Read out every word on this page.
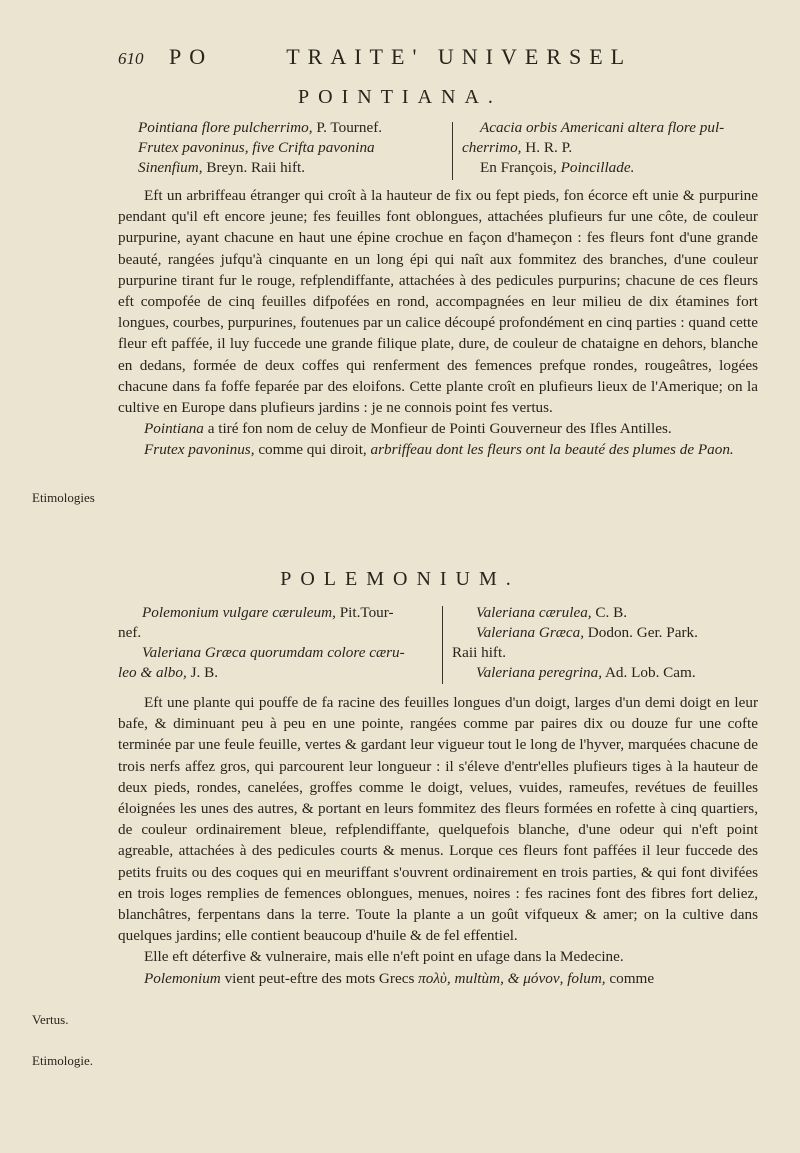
610 PO	TRAITE' UNIVERSEL
POINTIANA.
Pointiana flore pulcherrimo, P. Tournef.
Frutex pavoninus, five Crifta pavonina
Sinenfium, Breyn. Raii hift.
Acacia orbis Americani altera flore pul-
cherrimo, H. R. P.
En François, Poincillade.

Eft un arbriffeau étranger qui croît à la hauteur de fix ou fept pieds, fon écorce eft unie & purpurine pendant qu'il eft encore jeune; fes feuilles font oblongues, attachées plufieurs fur une côte, de couleur purpurine, ayant chacune en haut une épine crochue en façon d'hameçon : fes fleurs font d'une grande beauté, rangées jufqu'à cinquante en un long épi qui naît aux fommitez des branches, d'une couleur purpurine tirant fur le rouge, refplendiffante, attachées à des pedicules purpurins; chacune de ces fleurs eft compofée de cinq feuilles difpofées en rond, accompagnées en leur milieu de dix étamines fort longues, courbes, purpurines, foutenues par un calice découpé profondément en cinq parties : quand cette fleur eft paffée, il luy fuccede une grande filique plate, dure, de couleur de chataigne en dehors, blanche en dedans, formée de deux coffes qui renferment des femences prefque rondes, rougeâtres, logées chacune dans fa foffe feparée par des eloifons. Cette plante croît en plufieurs lieux de l'Amerique; on la cultive en Europe dans plufieurs jardins : je ne connois point fes vertus.

Pointiana a tiré fon nom de celuy de Monfieur de Pointi Gouverneur des Ifles Antilles.

Frutex pavoninus, comme qui diroit, arbriffeau dont les fleurs ont la beauté des plumes de Paon.

Etimologies
POLEMONIUM.
Polemonium vulgare cæruleum, Pit.Tour-
nef.
Valeriana Græca quorumdam colore cæru-
leo & albo, J. B.
Valeriana cærulea, C. B.
Valeriana Græca, Dodon. Ger. Park.
Raii hift.
Valeriana peregrina, Ad. Lob. Cam.

Eft une plante qui pouffe de fa racine des feuilles longues d'un doigt, larges d'un demi doigt en leur bafe, & diminuant peu à peu en une pointe, rangées comme par paires dix ou douze fur une cofte terminée par une feule feuille, vertes & gardant leur vigueur tout le long de l'hyver, marquées chacune de trois nerfs affez gros, qui parcourent leur longueur : il s'éleve d'entr'elles plufieurs tiges à la hauteur de deux pieds, rondes, canelées, groffes comme le doigt, velues, vuides, rameufes, revétues de feuilles éloignées les unes des autres, & portant en leurs fommitez des fleurs formées en rofette à cinq quartiers, de couleur ordinairement bleue, refplendiffante, quelquefois blanche, d'une odeur qui n'eft point agreable, attachées à des pedicules courts & menus. Lorque ces fleurs font paffées il leur fuccede des petits fruits ou des coques qui en meuriffant s'ouvrent ordinairement en trois parties, & qui font divifées en trois loges remplies de femences oblongues, menues, noires : fes racines font des fibres fort deliez, blanchâtres, ferpentans dans la terre. Toute la plante a un goût vifqueux & amer; on la cultive dans quelques jardins; elle contient beaucoup d'huile & de fel effentiel.

Elle eft déterfive & vulneraire, mais elle n'eft point en ufage dans la Medecine.

Polemonium vient peut-eftre des mots Grecs πολὺ, multùm, & μόνον, folum, comme

Vertus.
Etimologie.
